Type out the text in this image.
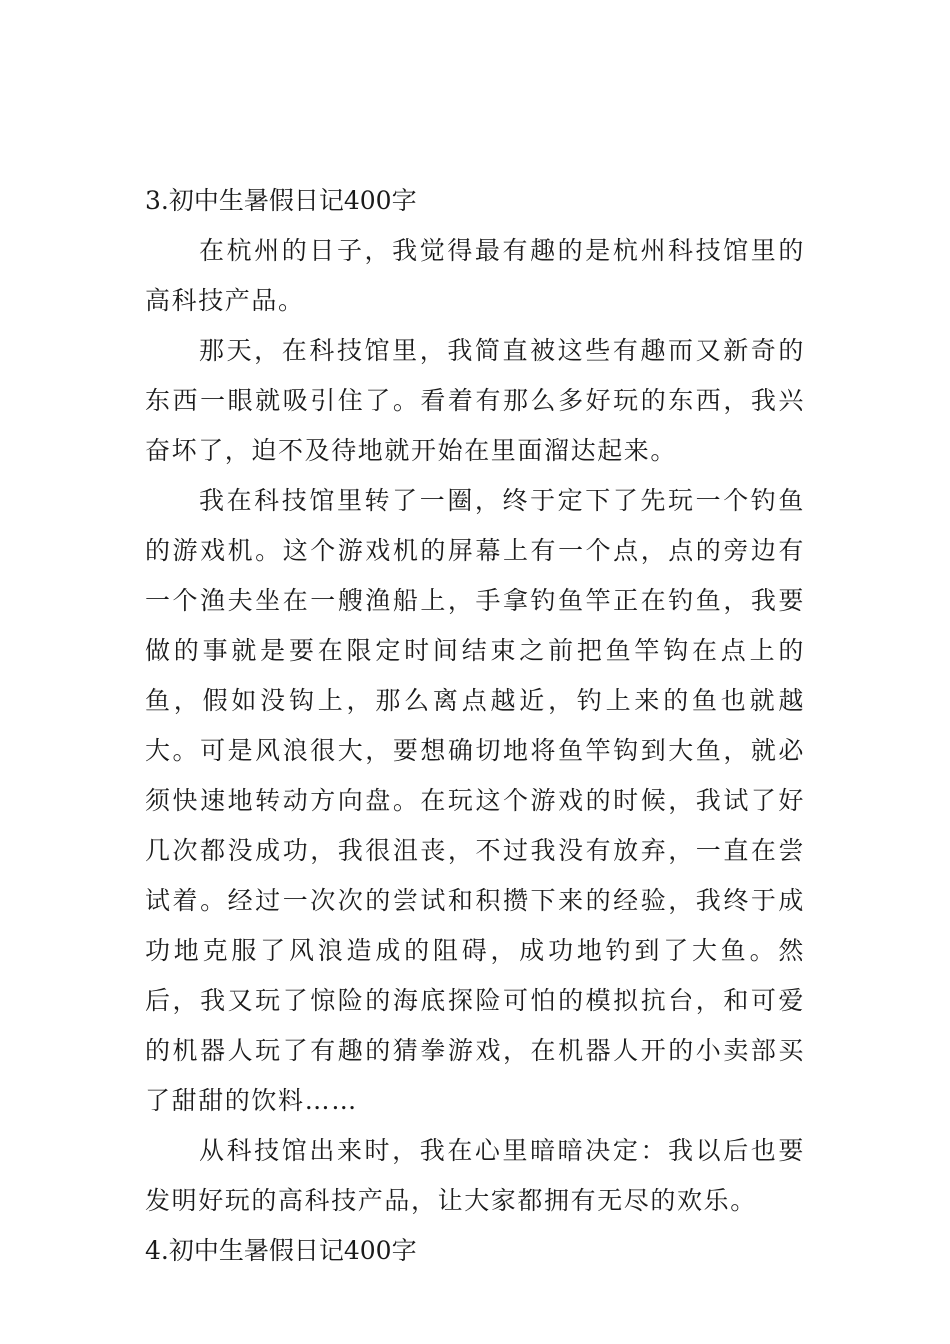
3.初中生暑假日记400字

在杭州的日子，我觉得最有趣的是杭州科技馆里的高科技产品。

那天，在科技馆里，我简直被这些有趣而又新奇的东西一眼就吸引住了。看着有那么多好玩的东西，我兴奋坏了，迫不及待地就开始在里面溜达起来。

我在科技馆里转了一圈，终于定下了先玩一个钓鱼的游戏机。这个游戏机的屏幕上有一个点，点的旁边有一个渔夫坐在一艘渔船上，手拿钓鱼竿正在钓鱼，我要做的事就是要在限定时间结束之前把鱼竿钩在点上的鱼，假如没钩上，那么离点越近，钓上来的鱼也就越大。可是风浪很大，要想确切地将鱼竿钩到大鱼，就必须快速地转动方向盘。在玩这个游戏的时候，我试了好几次都没成功，我很沮丧，不过我没有放弃，一直在尝试着。经过一次次的尝试和积攒下来的经验，我终于成功地克服了风浪造成的阻碍，成功地钓到了大鱼。然后，我又玩了惊险的海底探险可怕的模拟抗台，和可爱的机器人玩了有趣的猜拳游戏，在机器人开的小卖部买了甜甜的饮料……

从科技馆出来时，我在心里暗暗决定：我以后也要发明好玩的高科技产品，让大家都拥有无尽的欢乐。

4.初中生暑假日记400字
